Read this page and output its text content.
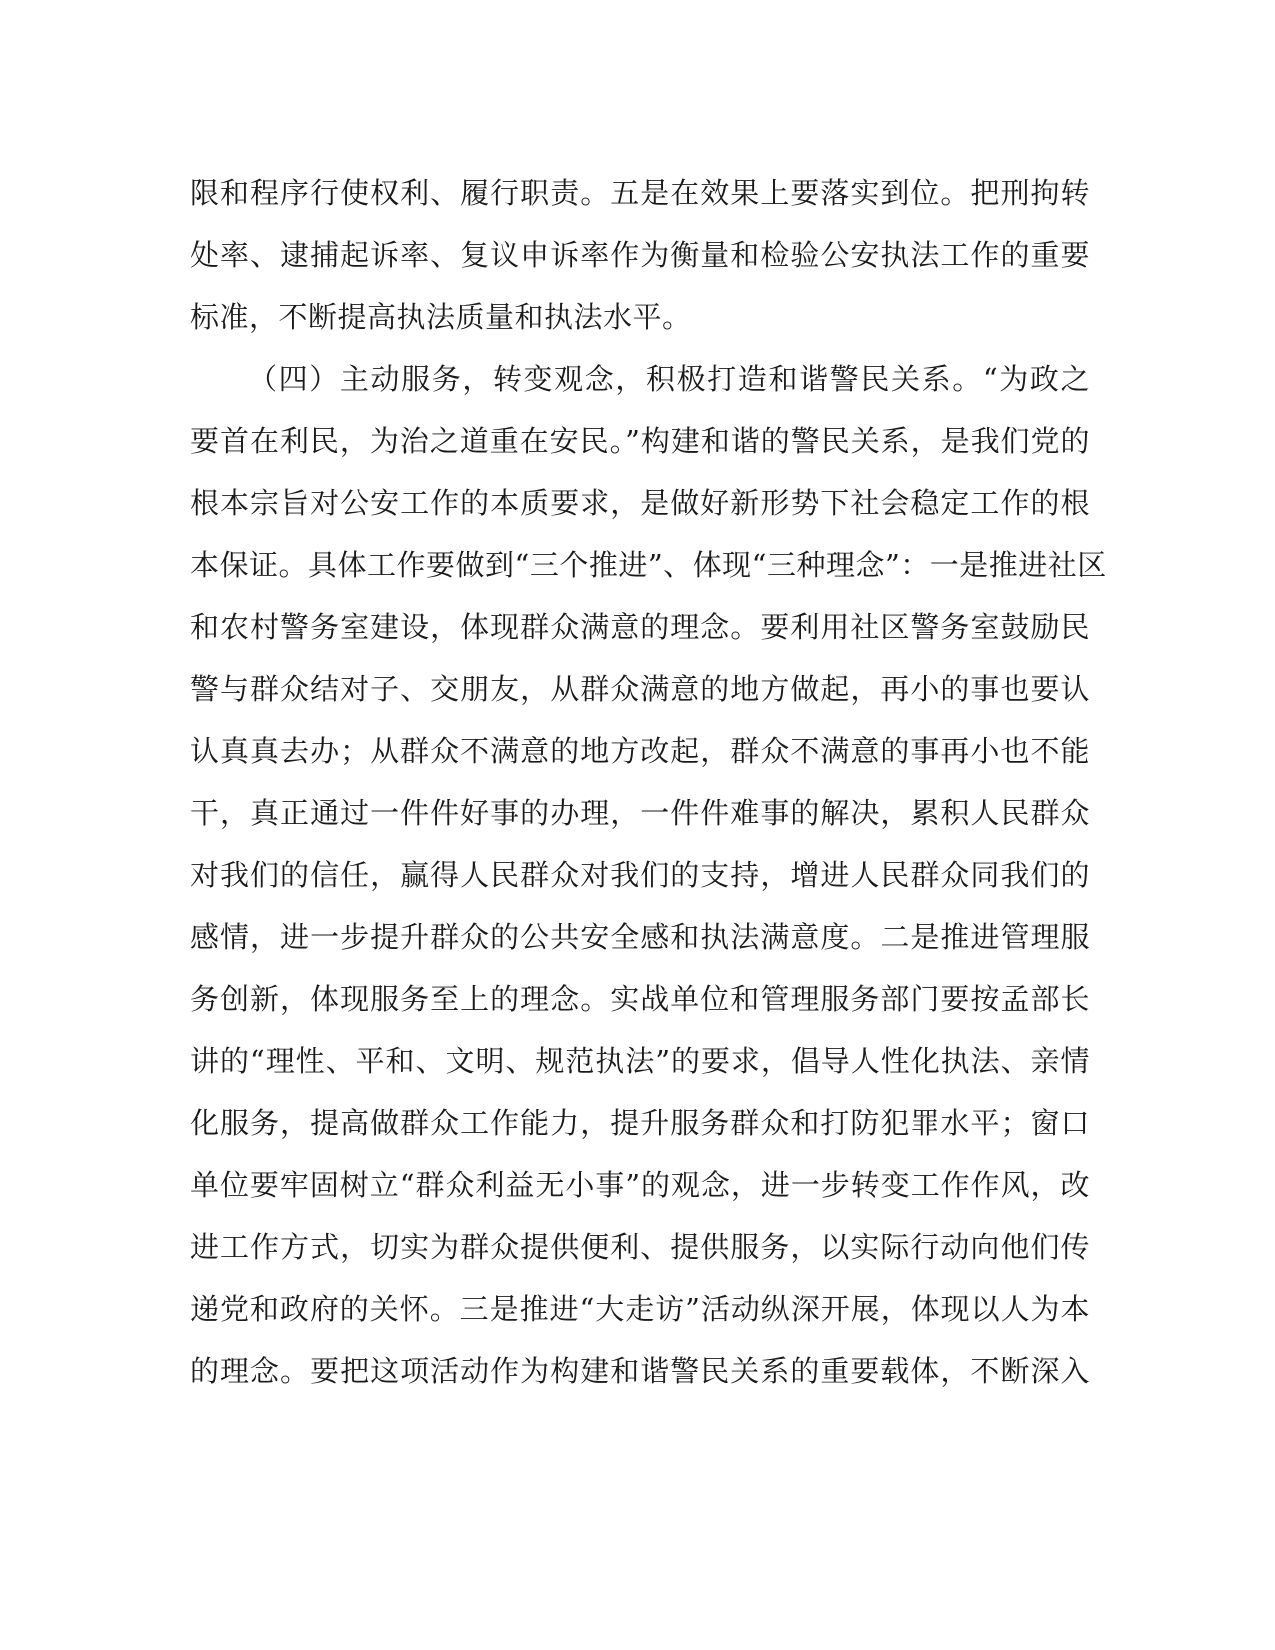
限和程序行使权利、履行职责。五是在效果上要落实到位。把刑拘转
处率、逮捕起诉率、复议申诉率作为衡量和检验公安执法工作的重要
标准，不断提高执法质量和执法水平。
（四）主动服务，转变观念，积极打造和谐警民关系。“为政之
要首在利民，为治之道重在安民。”构建和谐的警民关系，是我们党的
根本宗旨对公安工作的本质要求，是做好新形势下社会稳定工作的根
本保证。具体工作要做到“三个推进”、体现“三种理念”：一是推进社区
和农村警务室建设，体现群众满意的理念。要利用社区警务室鼓励民
警与群众结对子、交朋友，从群众满意的地方做起，再小的事也要认
认真真去办；从群众不满意的地方改起，群众不满意的事再小也不能
干，真正通过一件件好事的办理，一件件难事的解决，累积人民群众
对我们的信任，赢得人民群众对我们的支持，增进人民群众同我们的
感情，进一步提升群众的公共安全感和执法满意度。二是推进管理服
务创新，体现服务至上的理念。实战单位和管理服务部门要按孟部长
讲的“理性、平和、文明、规范执法”的要求，倡导人性化执法、亲情
化服务，提高做群众工作能力，提升服务群众和打防犯罪水平；窗口
单位要牢固树立“群众利益无小事”的观念，进一步转变工作作风，改
进工作方式，切实为群众提供便利、提供服务，以实际行动向他们传
递党和政府的关怀。三是推进“大走访”活动纵深开展，体现以人为本
的理念。要把这项活动作为构建和谐警民关系的重要载体，不断深入
